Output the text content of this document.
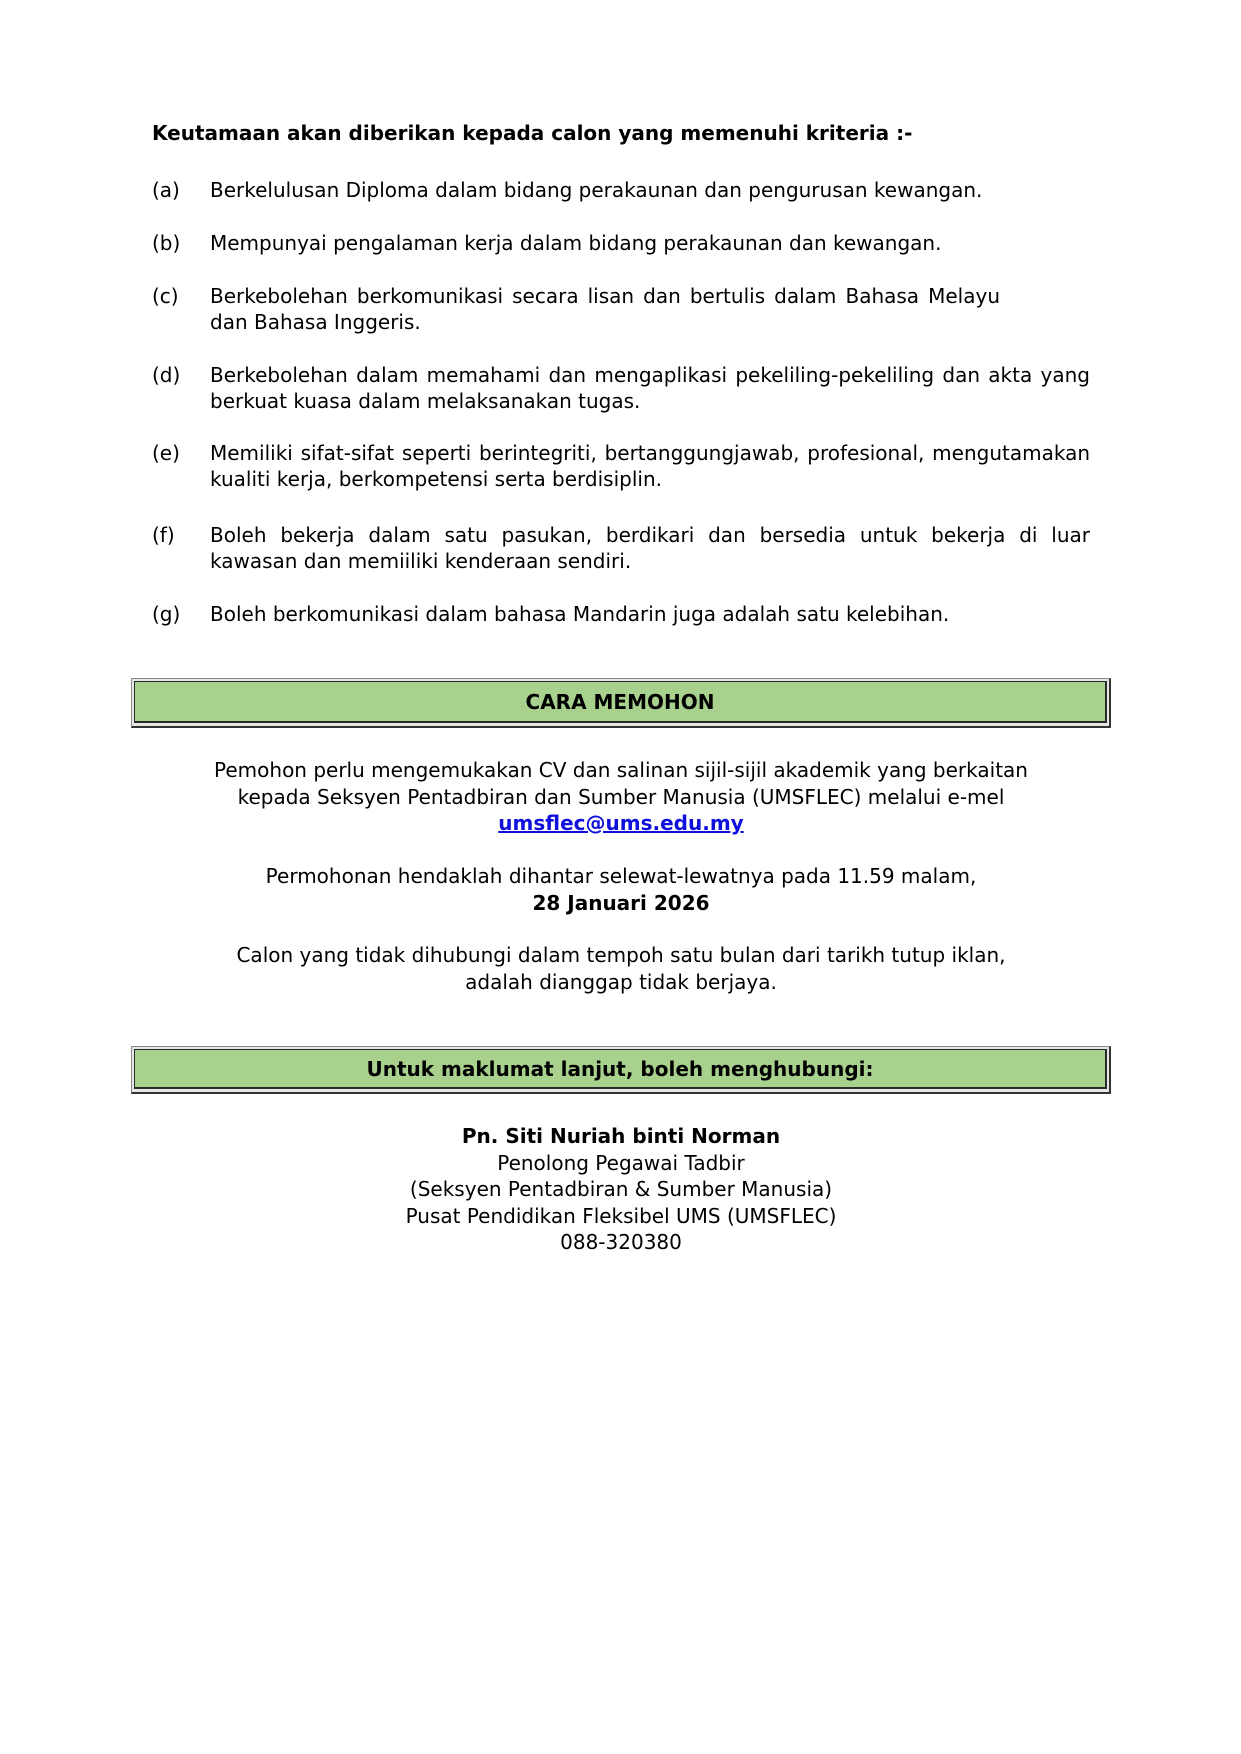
Keutamaan akan diberikan kepada calon yang memenuhi kriteria :-
(a)	Berkelulusan Diploma dalam bidang perakaunan dan pengurusan kewangan.
(b)	Mempunyai pengalaman kerja dalam bidang perakaunan dan kewangan.
(c)	Berkebolehan berkomunikasi secara lisan dan bertulis dalam Bahasa Melayu dan Bahasa Inggeris.
(d)	Berkebolehan dalam memahami dan mengaplikasi pekeliling-pekeliling dan akta yang berkuat kuasa dalam melaksanakan tugas.
(e)	Memiliki sifat-sifat seperti berintegriti, bertanggungjawab, profesional, mengutamakan kualiti kerja, berkompetensi serta berdisiplin.
(f)	Boleh bekerja dalam satu pasukan, berdikari dan bersedia untuk bekerja di luar kawasan dan memiiliki kenderaan sendiri.
(g)	Boleh berkomunikasi dalam bahasa Mandarin juga adalah satu kelebihan.
CARA MEMOHON
Pemohon perlu mengemukakan CV dan salinan sijil-sijil akademik yang berkaitan
kepada Seksyen Pentadbiran dan Sumber Manusia (UMSFLEC) melalui e-mel
umsflec@ums.edu.my
Permohonan hendaklah dihantar selewat-lewatnya pada 11.59 malam,
28 Januari 2026
Calon yang tidak dihubungi dalam tempoh satu bulan dari tarikh tutup iklan,
adalah dianggap tidak berjaya.
Untuk maklumat lanjut, boleh menghubungi:
Pn. Siti Nuriah binti Norman
Penolong Pegawai Tadbir
(Seksyen Pentadbiran & Sumber Manusia)
Pusat Pendidikan Fleksibel UMS (UMSFLEC)
088-320380
